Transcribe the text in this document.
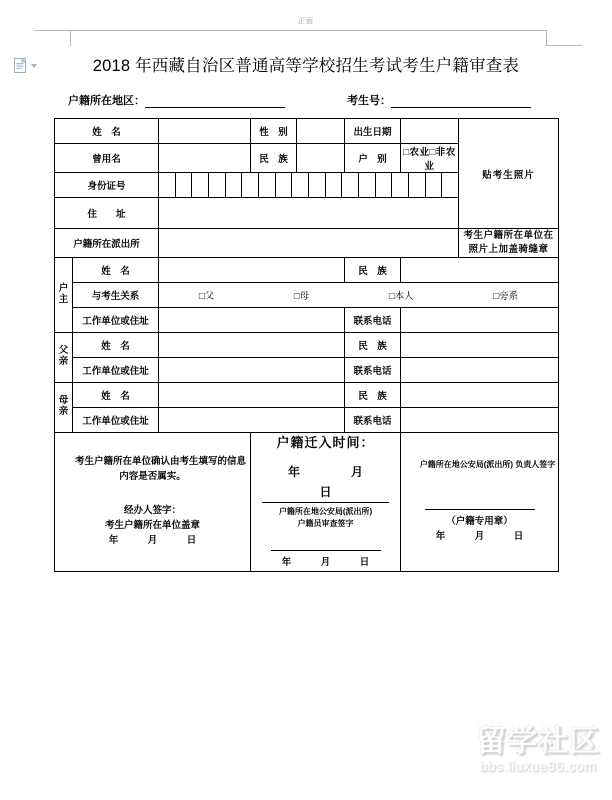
正面
2018 年西藏自治区普通高等学校招生考试考生户籍审查表
户籍所在地区：	考生号：
姓　名			性　别		出生日期		贴考生照片
曾用名			民　族		户　别	□农业□非农业	
身份证号							

住　　址							
户籍所在派出所							考生户籍所在单位在照片上加盖骑缝章

户
主	姓　名				民　族		
	与考生关系	□父 □母 □本人 □旁系					

	工作单位或住址				联系电话		

父
亲	姓　名				民　族		
	工作单位或住址				联系电话		

母
亲	姓　名				民　族		
	工作单位或住址				联系电话		

考生户籍所在单位确认由考生填写的信息内容是否属实。
经办人签字：
考生户籍所在单位盖章
年　月　日

户籍迁入时间：
年　　月　　日
户籍所在地公安局(派出所)
户籍员审查签字
年　月　日

户籍所在地公安局(派出所) 负责人签字
（户籍专用章）
年　月　日
留学社区
bbs.liuxue86.com
